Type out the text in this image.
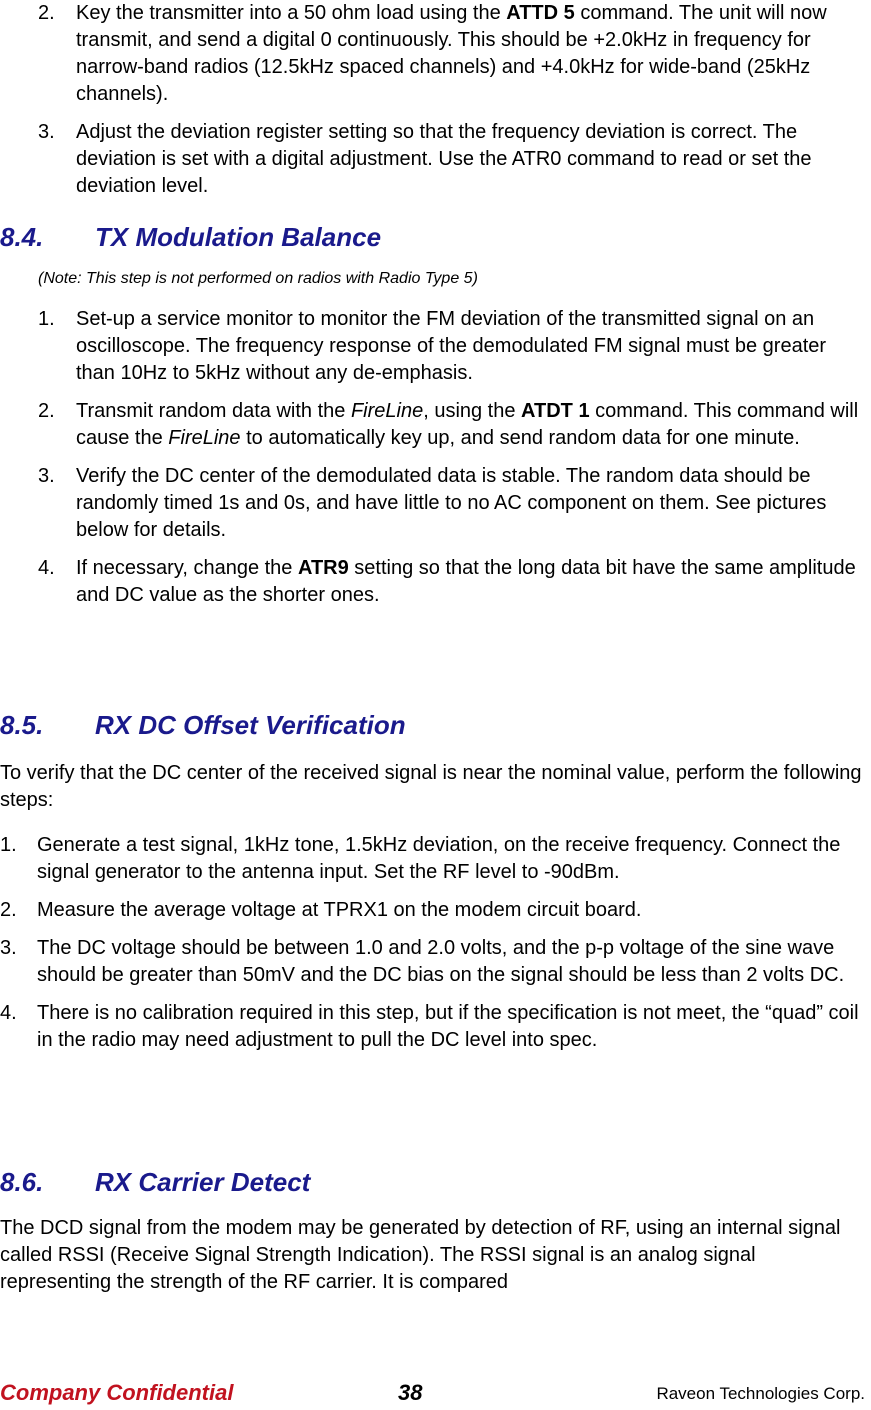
2. Key the transmitter into a 50 ohm load using the ATTD 5 command. The unit will now transmit, and send a digital 0 continuously. This should be +2.0kHz in frequency for narrow-band radios (12.5kHz spaced channels) and +4.0kHz for wide-band (25kHz channels).
3. Adjust the deviation register setting so that the frequency deviation is correct. The deviation is set with a digital adjustment. Use the ATR0 command to read or set the deviation level.
8.4. TX Modulation Balance
(Note: This step is not performed on radios with Radio Type 5)
1. Set-up a service monitor to monitor the FM deviation of the transmitted signal on an oscilloscope. The frequency response of the demodulated FM signal must be greater than 10Hz to 5kHz without any de-emphasis.
2. Transmit random data with the FireLine, using the ATDT 1 command. This command will cause the FireLine to automatically key up, and send random data for one minute.
3. Verify the DC center of the demodulated data is stable. The random data should be randomly timed 1s and 0s, and have little to no AC component on them. See pictures below for details.
4. If necessary, change the ATR9 setting so that the long data bit have the same amplitude and DC value as the shorter ones.
8.5. RX DC Offset Verification

To verify that the DC center of the received signal is near the nominal value, perform the following steps:

1. Generate a test signal, 1kHz tone, 1.5kHz deviation, on the receive frequency. Connect the signal generator to the antenna input. Set the RF level to -90dBm.
2. Measure the average voltage at TPRX1 on the modem circuit board.
3. The DC voltage should be between 1.0 and 2.0 volts, and the p-p voltage of the sine wave should be greater than 50mV and the DC bias on the signal should be less than 2 volts DC.
4. There is no calibration required in this step, but if the specification is not meet, the “quad” coil in the radio may need adjustment to pull the DC level into spec.
8.6. RX Carrier Detect

The DCD signal from the modem may be generated by detection of RF, using an internal signal called RSSI (Receive Signal Strength Indication). The RSSI signal is an analog signal representing the strength of the RF carrier. It is compared

Company Confidential	38	Raveon Technologies Corp.
